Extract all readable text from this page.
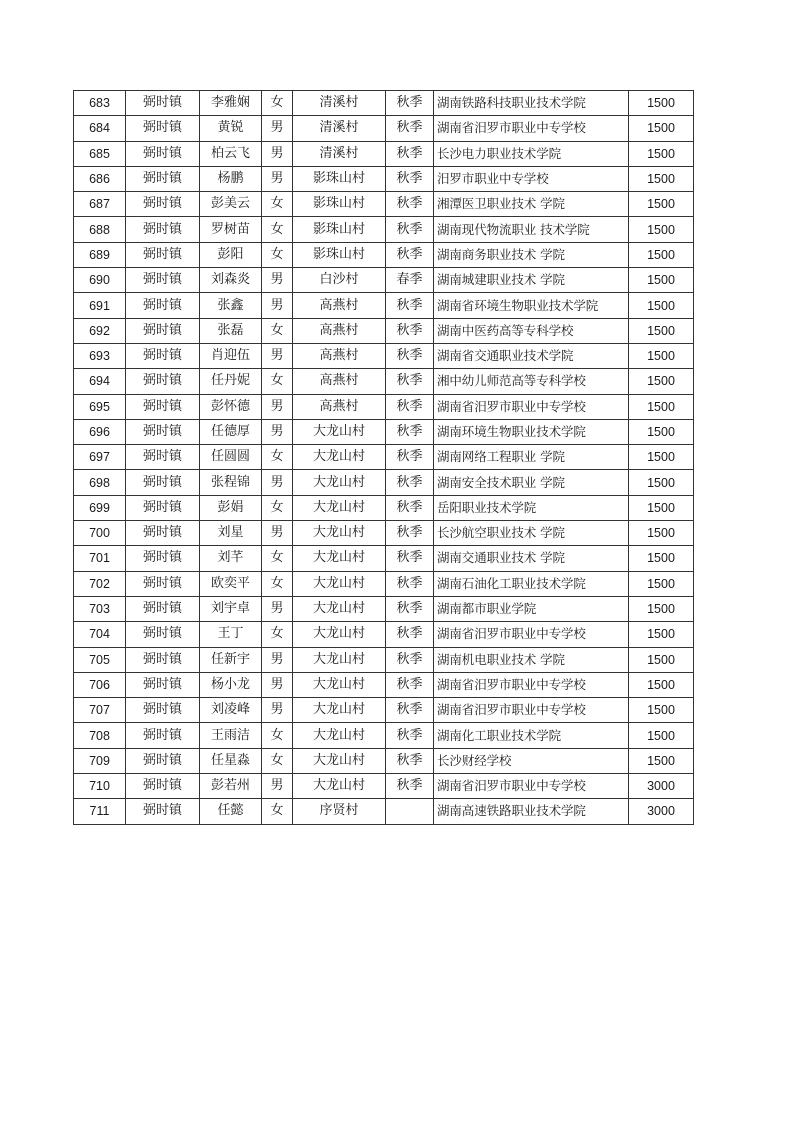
683	弼时镇	李雅娴	女	清溪村	秋季	湖南铁路科技职业技术学院	1500
684	弼时镇	黄锐	男	清溪村	秋季	湖南省汨罗市职业中专学校	1500
685	弼时镇	柏云飞	男	清溪村	秋季	长沙电力职业技术学院	1500
686	弼时镇	杨鹏	男	影珠山村	秋季	汨罗市职业中专学校	1500
687	弼时镇	彭美云	女	影珠山村	秋季	湘潭医卫职业技术 学院	1500
688	弼时镇	罗树苗	女	影珠山村	秋季	湖南现代物流职业 技术学院	1500
689	弼时镇	彭阳	女	影珠山村	秋季	湖南商务职业技术 学院	1500
690	弼时镇	刘森炎	男	白沙村	春季	湖南城建职业技术 学院	1500
691	弼时镇	张鑫	男	高燕村	秋季	湖南省环境生物职业技术学院	1500
692	弼时镇	张磊	女	高燕村	秋季	湖南中医药高等专科学校	1500
693	弼时镇	肖迎伍	男	高燕村	秋季	湖南省交通职业技术学院	1500
694	弼时镇	任丹妮	女	高燕村	秋季	湘中幼儿师范高等专科学校	1500
695	弼时镇	彭怀德	男	高燕村	秋季	湖南省汨罗市职业中专学校	1500
696	弼时镇	任德厚	男	大龙山村	秋季	湖南环境生物职业技术学院	1500
697	弼时镇	任圆圆	女	大龙山村	秋季	湖南网络工程职业 学院	1500
698	弼时镇	张程锦	男	大龙山村	秋季	湖南安全技术职业 学院	1500
699	弼时镇	彭娟	女	大龙山村	秋季	岳阳职业技术学院	1500
700	弼时镇	刘星	男	大龙山村	秋季	长沙航空职业技术 学院	1500
701	弼时镇	刘芊	女	大龙山村	秋季	湖南交通职业技术 学院	1500
702	弼时镇	欧奕平	女	大龙山村	秋季	湖南石油化工职业技术学院	1500
703	弼时镇	刘宇卓	男	大龙山村	秋季	湖南都市职业学院	1500
704	弼时镇	王丁	女	大龙山村	秋季	湖南省汨罗市职业中专学校	1500
705	弼时镇	任新宇	男	大龙山村	秋季	湖南机电职业技术 学院	1500
706	弼时镇	杨小龙	男	大龙山村	秋季	湖南省汨罗市职业中专学校	1500
707	弼时镇	刘凌峰	男	大龙山村	秋季	湖南省汨罗市职业中专学校	1500
708	弼时镇	王雨洁	女	大龙山村	秋季	湖南化工职业技术学院	1500
709	弼时镇	任星淼	女	大龙山村	秋季	长沙财经学校	1500
710	弼时镇	彭若州	男	大龙山村	秋季	湖南省汨罗市职业中专学校	3000
711	弼时镇	任懿	女	序贤村		湖南高速铁路职业技术学院	3000
